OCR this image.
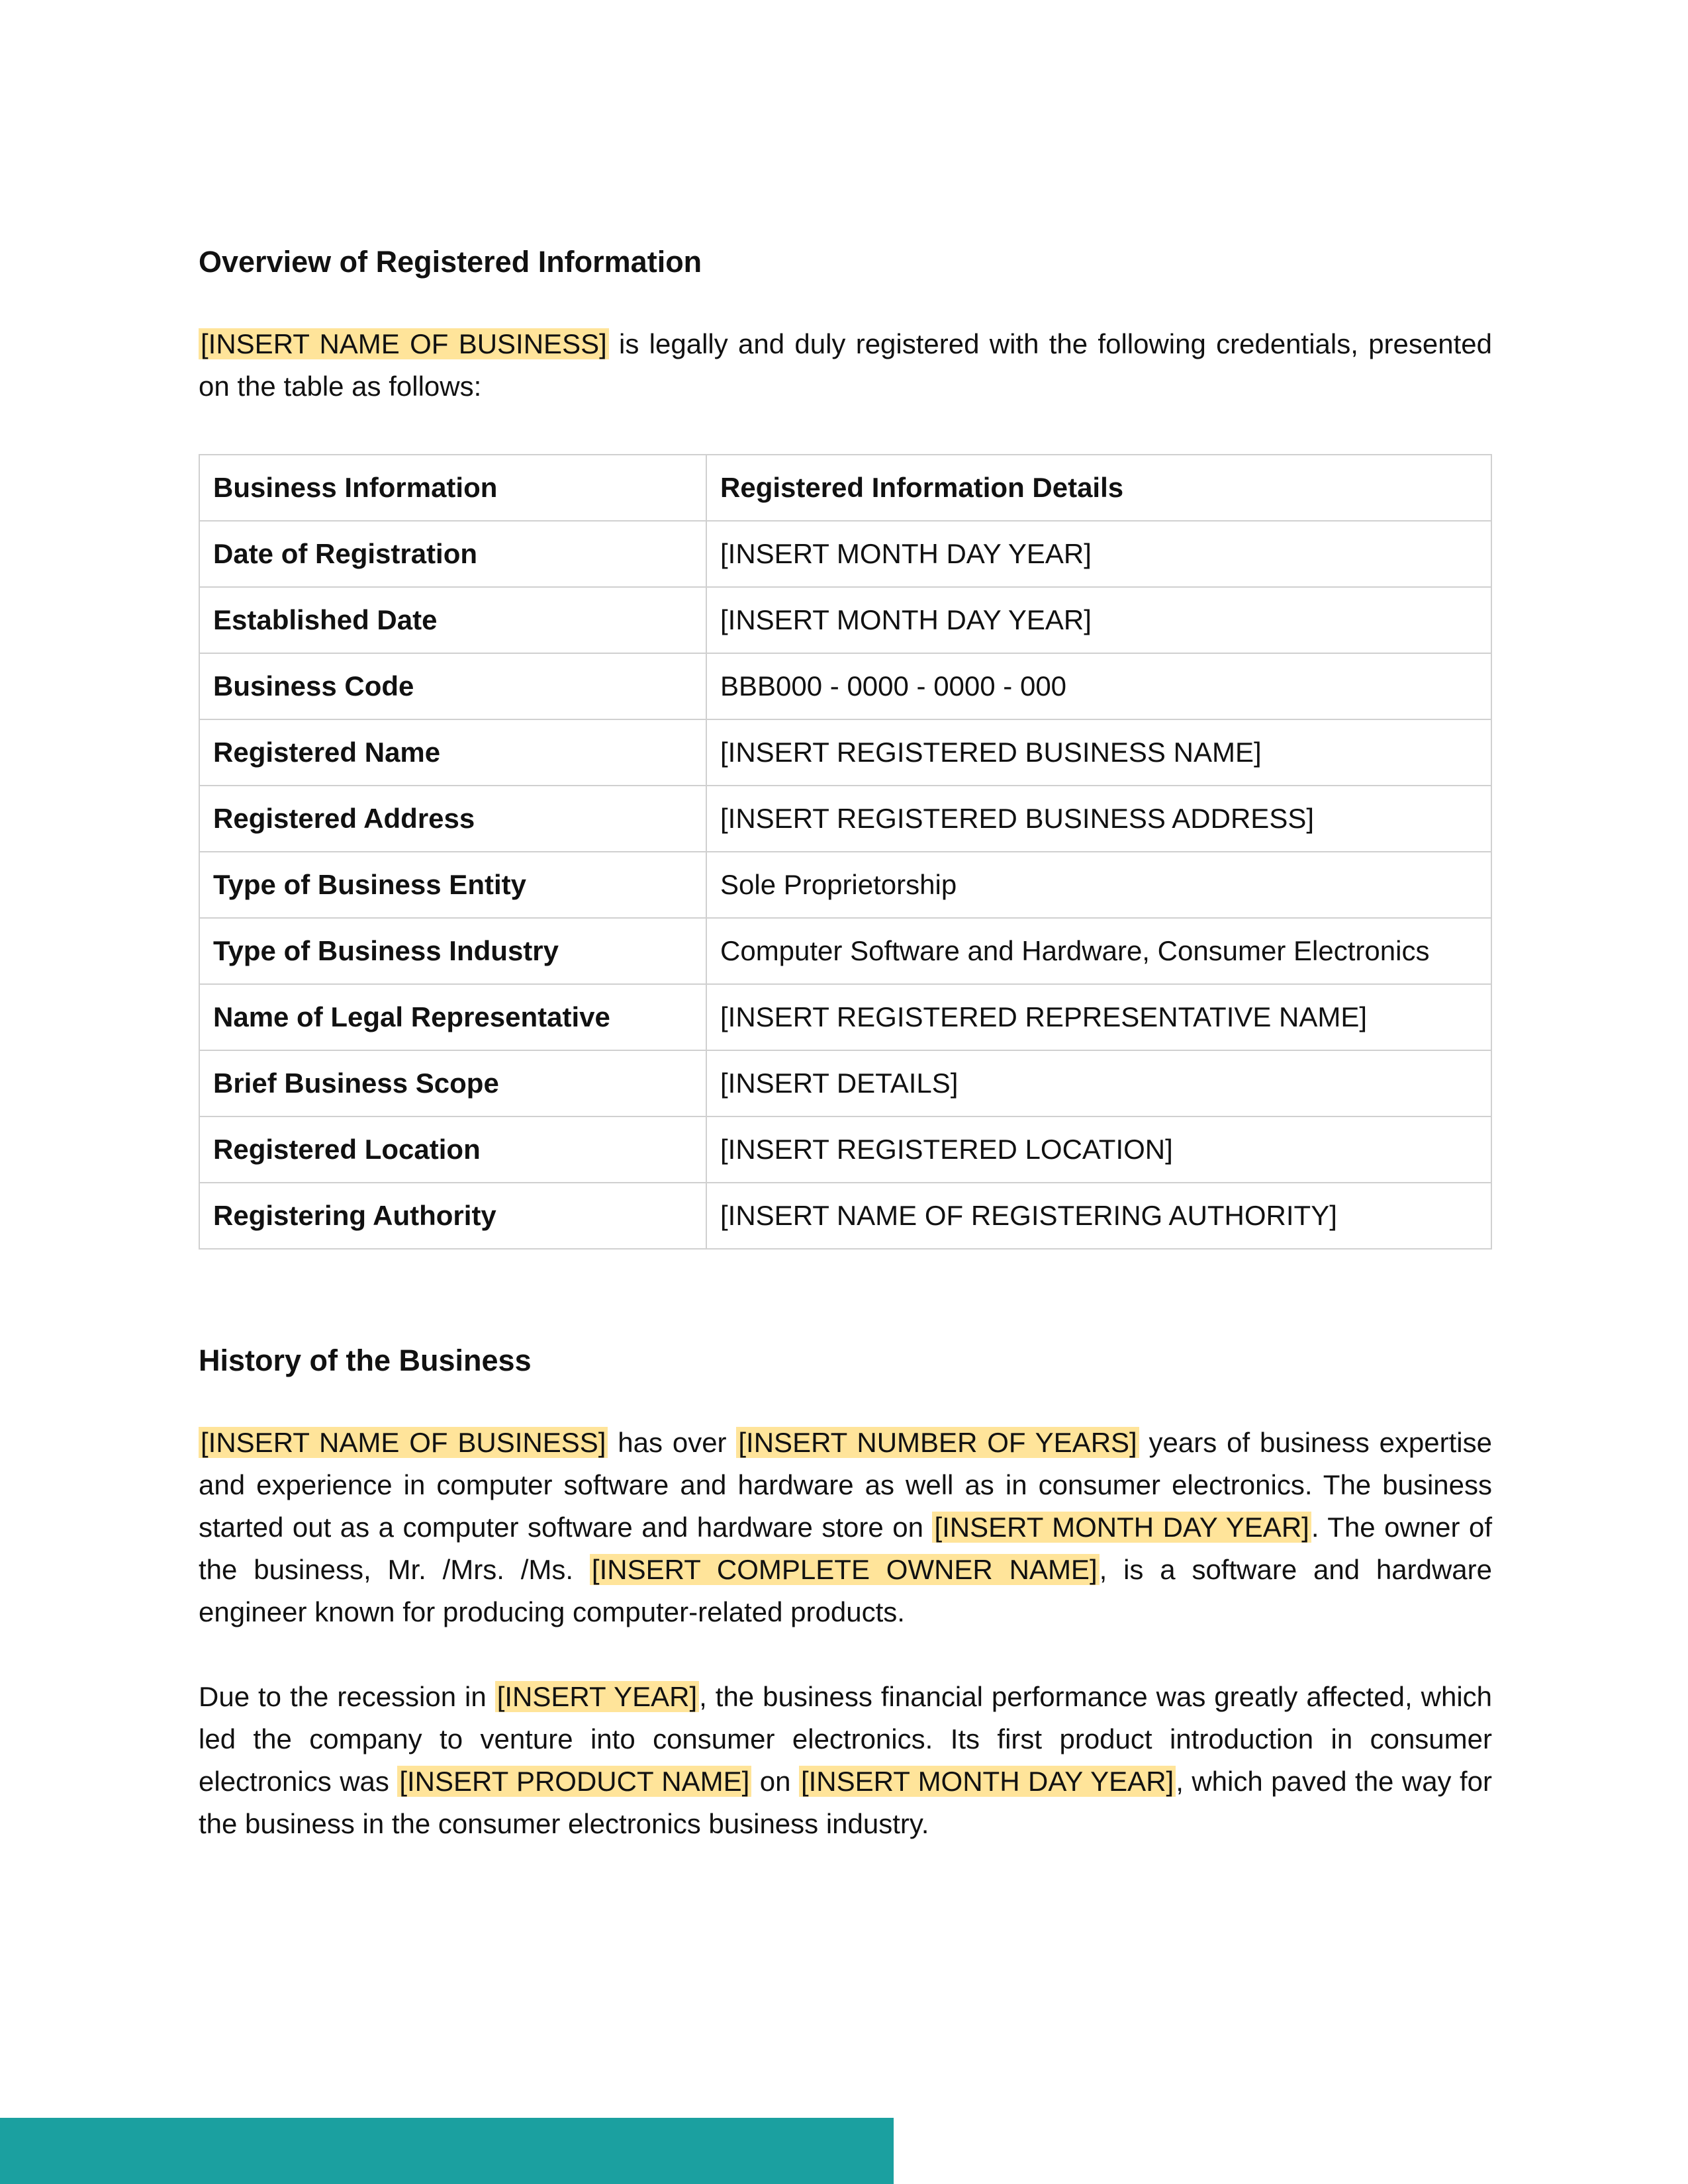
Overview of Registered Information

[INSERT NAME OF BUSINESS] is legally and duly registered with the following credentials, presented on the table as follows:

Business Information	Registered Information Details
Date of Registration	[INSERT MONTH DAY YEAR]
Established Date	[INSERT MONTH DAY YEAR]
Business Code	BBB000 - 0000 - 0000 - 000
Registered Name	[INSERT REGISTERED BUSINESS NAME]
Registered Address	[INSERT REGISTERED BUSINESS ADDRESS]
Type of Business Entity	Sole Proprietorship
Type of Business Industry	Computer Software and Hardware, Consumer Electronics
Name of Legal Representative	[INSERT REGISTERED REPRESENTATIVE NAME]
Brief Business Scope	[INSERT DETAILS]
Registered Location	[INSERT REGISTERED LOCATION]
Registering Authority	[INSERT NAME OF REGISTERING AUTHORITY]
History of the Business

[INSERT NAME OF BUSINESS] has over [INSERT NUMBER OF YEARS] years of business expertise and experience in computer software and hardware as well as in consumer electronics. The business started out as a computer software and hardware store on [INSERT MONTH DAY YEAR]. The owner of the business, Mr. /Mrs. /Ms. [INSERT COMPLETE OWNER NAME], is a software and hardware engineer known for producing computer-related products.

Due to the recession in [INSERT YEAR], the business financial performance was greatly affected, which led the company to venture into consumer electronics. Its first product introduction in consumer electronics was [INSERT PRODUCT NAME] on [INSERT MONTH DAY YEAR], which paved the way for the business in the consumer electronics business industry.
